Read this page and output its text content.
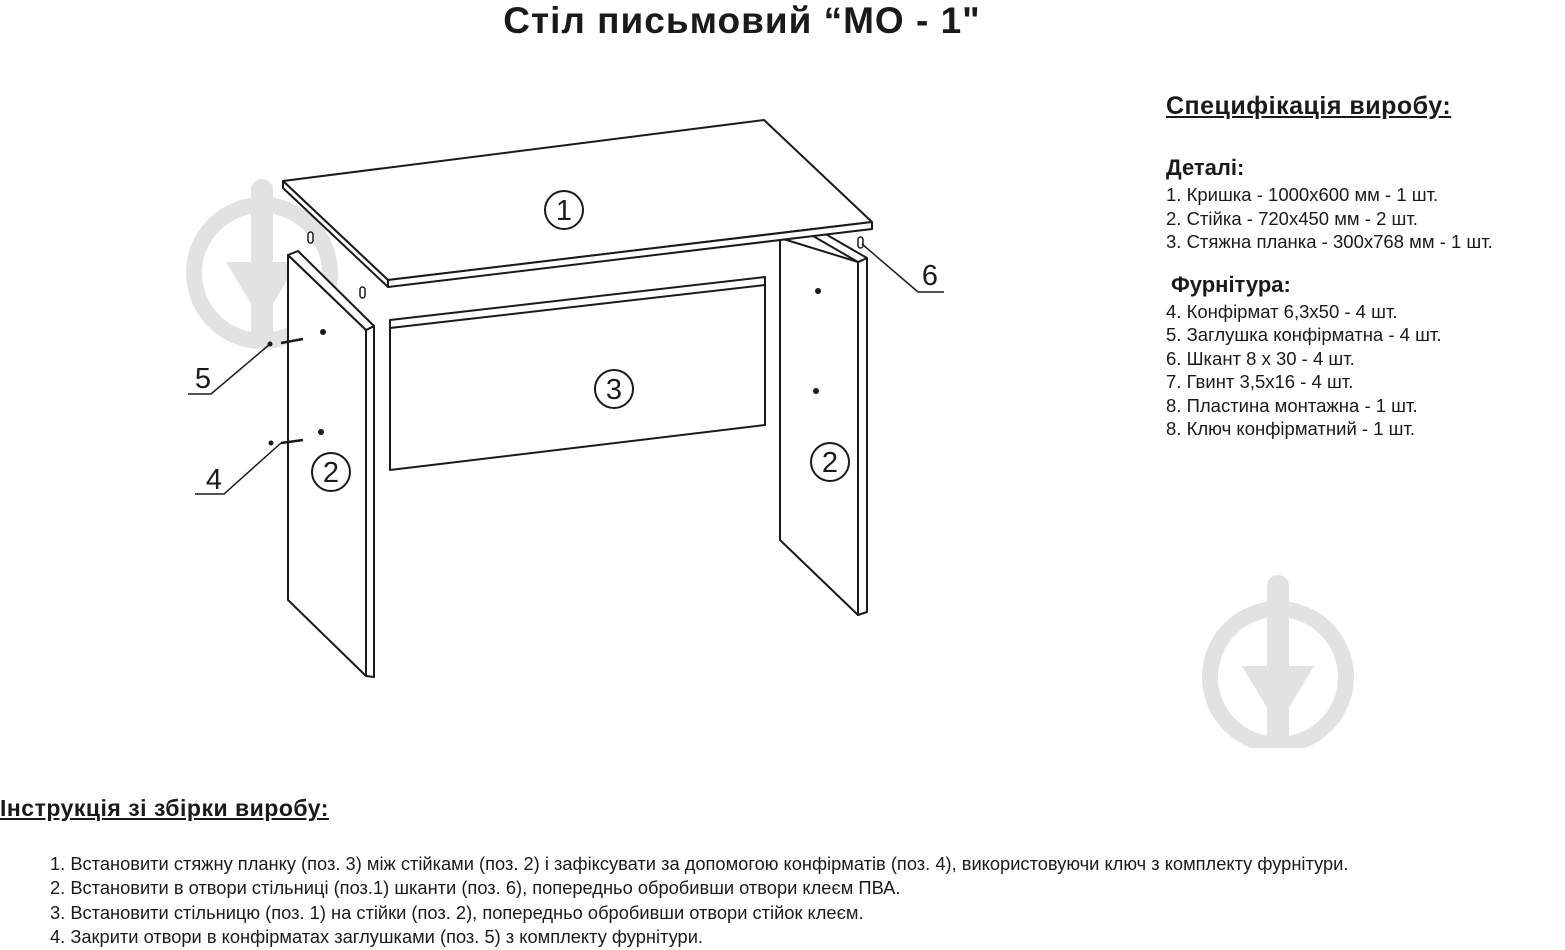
Стіл письмовий “МО - 1"
1
3
2	2
5
4
6
Специфікація виробу:
Деталі:
1. Кришка - 1000х600 мм - 1 шт.
2. Стійка - 720х450 мм - 2 шт.
3. Стяжна планка - 300х768 мм - 1 шт.
Фурнітура:
4. Конфірмат 6,3х50 - 4 шт.
5. Заглушка конфірматна - 4 шт.
6. Шкант 8 х 30 - 4 шт.
7. Гвинт 3,5х16 - 4 шт.
8. Пластина монтажна - 1 шт.
8. Ключ конфірматний - 1 шт.
Інструкція зі збірки виробу:
1. Встановити стяжну планку (поз. 3) між стійками (поз. 2) і зафіксувати за допомогою конфірматів (поз. 4), використовуючи ключ з комплекту фурнітури.
2. Встановити в отвори стільниці (поз.1) шканти (поз. 6), попередньо обробивши отвори клеєм ПВА.
3. Встановити стільницю (поз. 1) на стійки (поз. 2), попередньо обробивши отвори стійок клеєм.
4. Закрити отвори в конфірматах заглушками (поз. 5) з комплекту фурнітури.
